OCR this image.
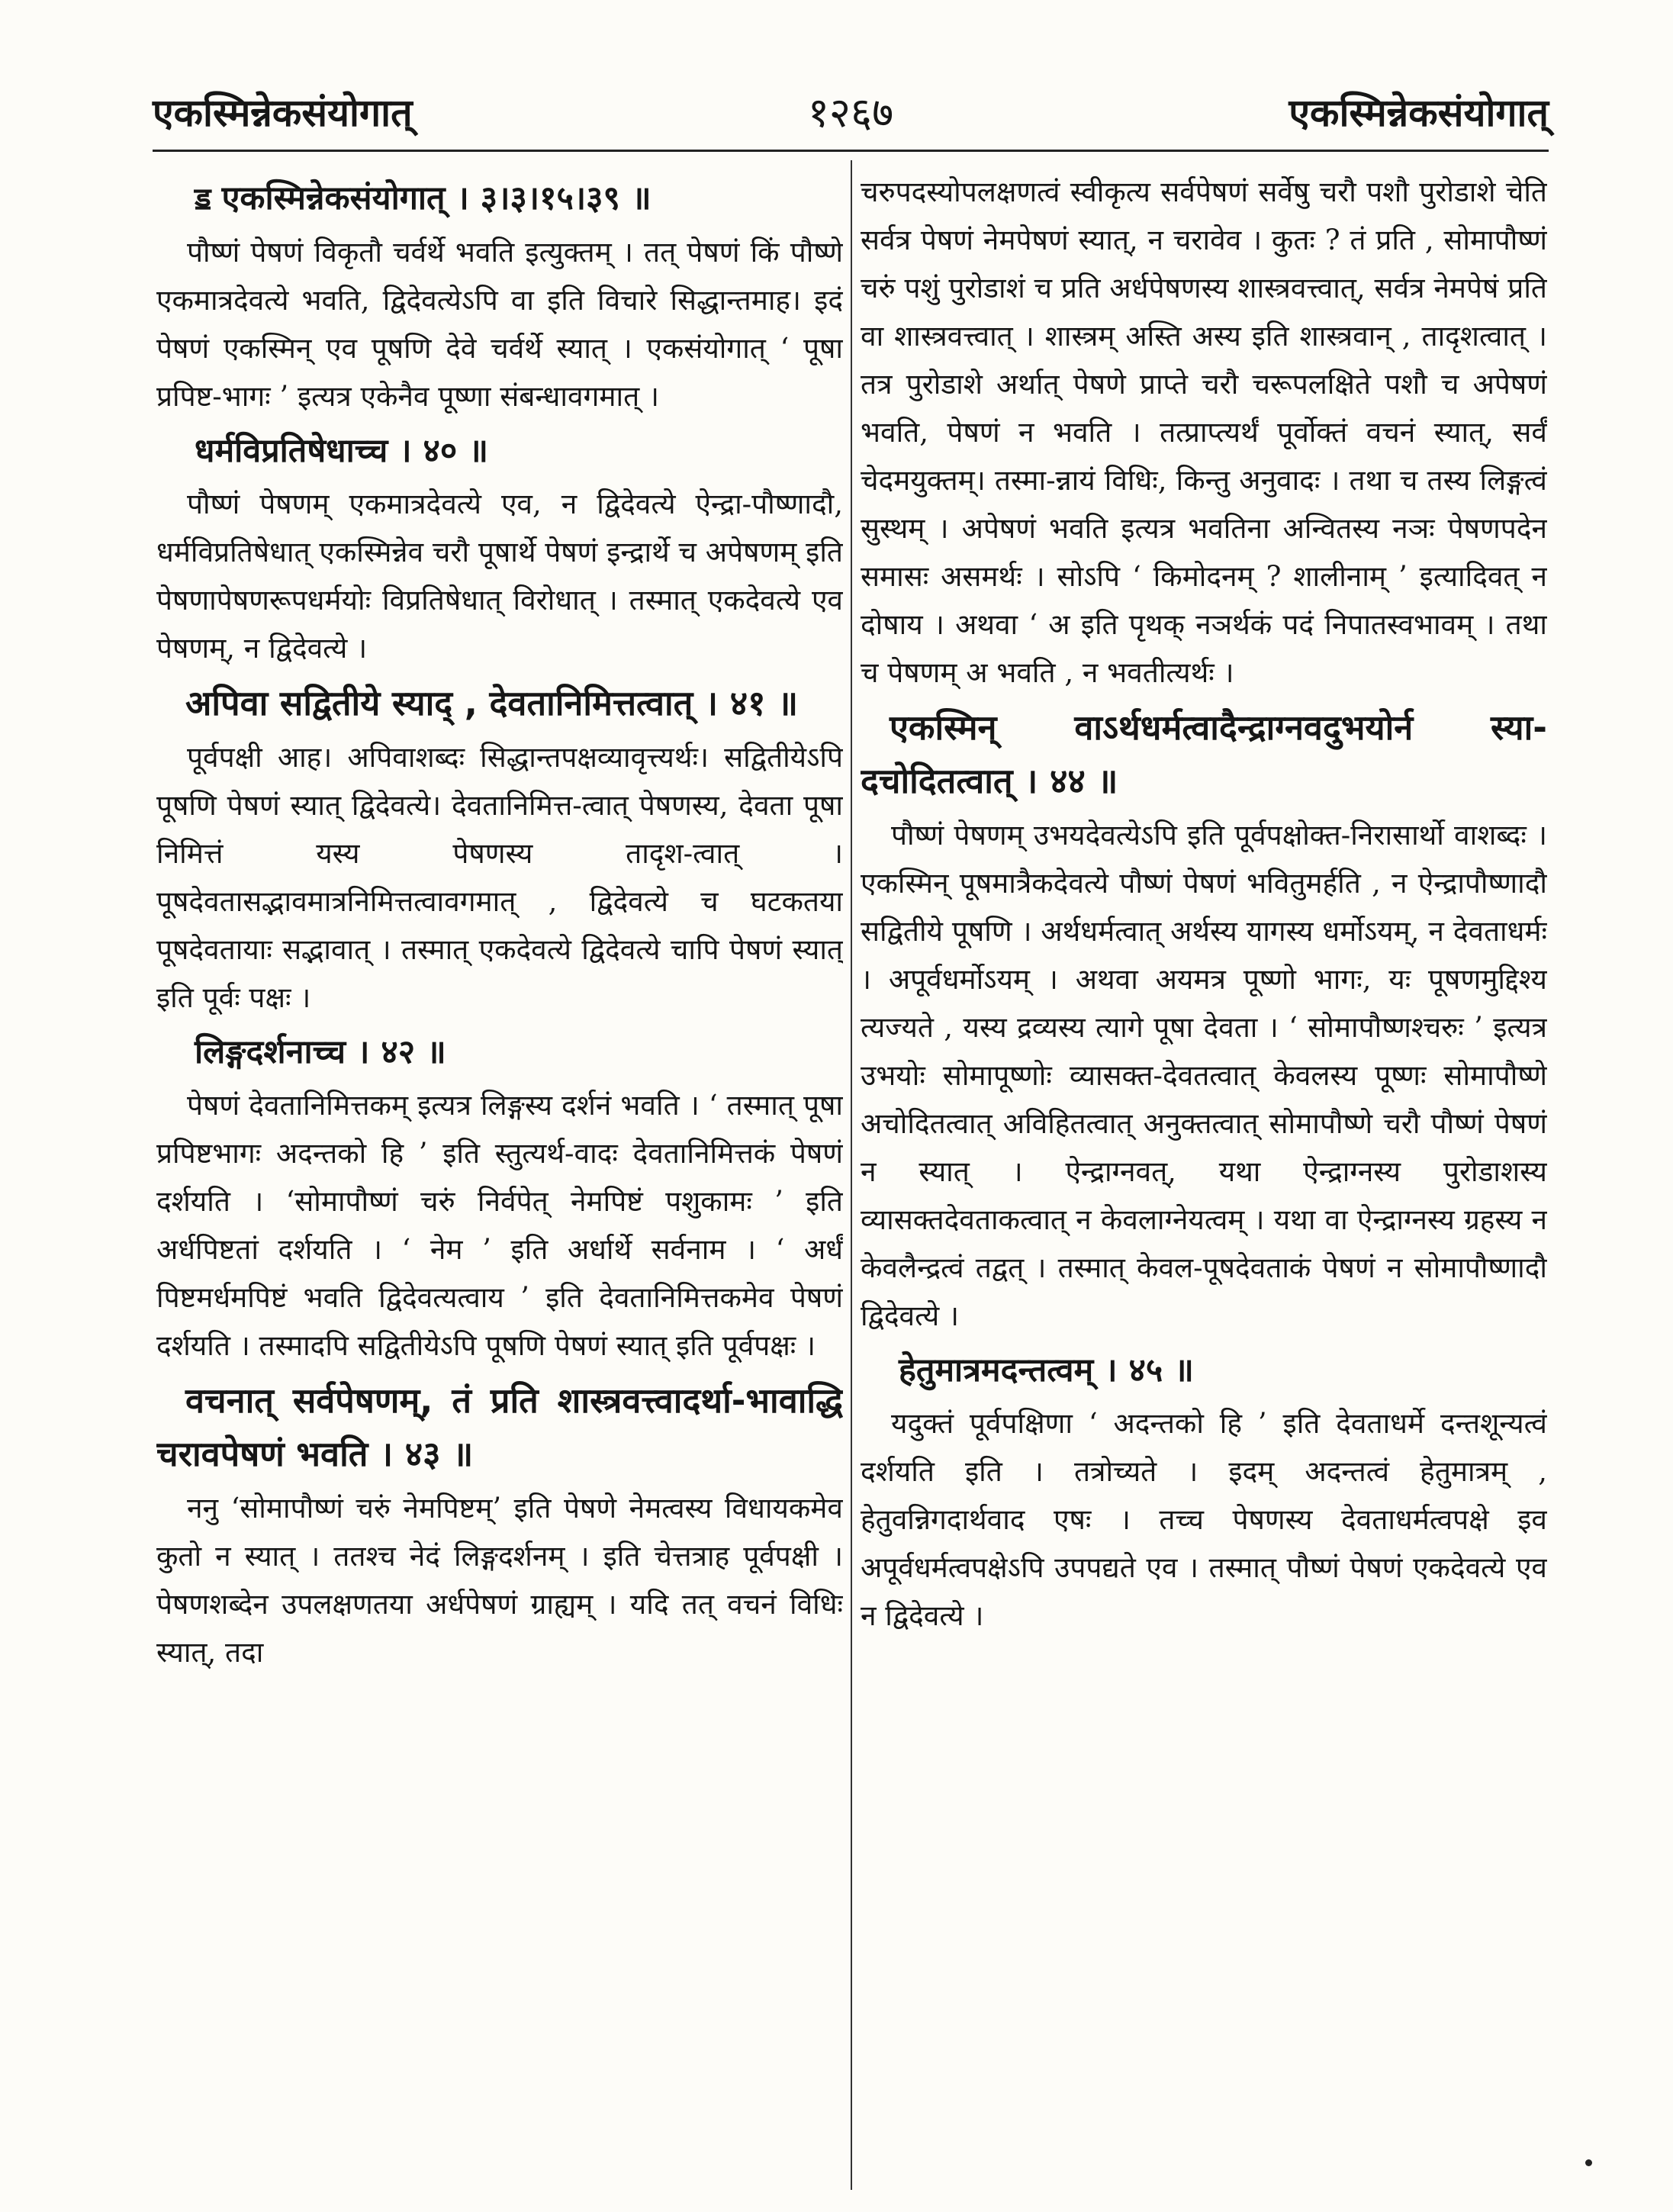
एकस्मिन्नेकसंयोगात्	१२६७	एकस्मिन्नेकसंयोगात्

ॾ एकस्मिन्नेकसंयोगात् । ३।३।१५।३९ ॥

पौष्णं पेषणं विकृतौ चर्वर्थे भवति इत्युक्तम् । तत् पेषणं किं पौष्णे एकमात्रदेवत्ये भवति, द्विदेवत्येऽपि वा इति विचारे सिद्धान्तमाह। इदं पेषणं एकस्मिन् एव पूषणि देवे चर्वर्थे स्यात् । एकसंयोगात् ‘ पूषा प्रपिष्ट-भागः ’ इत्यत्र एकेनैव पूष्णा संबन्धावगमात् ।

धर्मविप्रतिषेधाच्च । ४० ॥

पौष्णं पेषणम् एकमात्रदेवत्ये एव, न द्विदेवत्ये ऐन्द्रा-पौष्णादौ, धर्मविप्रतिषेधात् एकस्मिन्नेव चरौ पूषार्थे पेषणं इन्द्रार्थे च अपेषणम् इति पेषणापेषणरूपधर्मयोः विप्रतिषेधात् विरोधात् । तस्मात् एकदेवत्ये एव पेषणम्, न द्विदेवत्ये ।

अपिवा सद्वितीये स्याद् , देवतानिमित्तत्वात् । ४१ ॥

पूर्वपक्षी आह। अपिवाशब्दः सिद्धान्तपक्षव्यावृत्त्यर्थः। सद्वितीयेऽपि पूषणि पेषणं स्यात् द्विदेवत्ये। देवतानिमित्त-त्वात् पेषणस्य, देवता पूषा निमित्तं यस्य पेषणस्य तादृश-त्वात् । पूषदेवतासद्भावमात्रनिमित्तत्वावगमात् , द्विदेवत्ये च घटकतया पूषदेवतायाः सद्भावात् । तस्मात् एकदेवत्ये द्विदेवत्ये चापि पेषणं स्यात् इति पूर्वः पक्षः ।

लिङ्गदर्शनाच्च । ४२ ॥

पेषणं देवतानिमित्तकम् इत्यत्र लिङ्गस्य दर्शनं भवति । ‘ तस्मात् पूषा प्रपिष्टभागः अदन्तको हि ’ इति स्तुत्यर्थ-वादः देवतानिमित्तकं पेषणं दर्शयति । ‘सोमापौष्णं चरुं निर्वपेत् नेमपिष्टं पशुकामः ’ इति अर्धपिष्टतां दर्शयति । ‘ नेम ’ इति अर्धार्थे सर्वनाम । ‘ अर्धं पिष्टमर्धमपिष्टं भवति द्विदेवत्यत्वाय ’ इति देवतानिमित्तकमेव पेषणं दर्शयति । तस्मादपि सद्वितीयेऽपि पूषणि पेषणं स्यात् इति पूर्वपक्षः ।

वचनात् सर्वपेषणम्, तं प्रति शास्त्रवत्त्वादर्था-भावाद्धि चरावपेषणं भवति । ४३ ॥

ननु ‘सोमापौष्णं चरुं नेमपिष्टम्’ इति पेषणे नेमत्वस्य विधायकमेव कुतो न स्यात् । ततश्च नेदं लिङ्गदर्शनम् । इति चेत्तत्राह पूर्वपक्षी । पेषणशब्देन उपलक्षणतया अर्धपेषणं ग्राह्यम् । यदि तत् वचनं विधिः स्यात्, तदा

चरुपदस्योपलक्षणत्वं स्वीकृत्य सर्वपेषणं सर्वेषु चरौ पशौ पुरोडाशे चेति सर्वत्र पेषणं नेमपेषणं स्यात्, न चरावेव । कुतः ? तं प्रति , सोमापौष्णं चरुं पशुं पुरोडाशं च प्रति अर्धपेषणस्य शास्त्रवत्त्वात्, सर्वत्र नेमपेषं प्रति वा शास्त्रवत्त्वात् । शास्त्रम् अस्ति अस्य इति शास्त्रवान् , तादृशत्वात् । तत्र पुरोडाशे अर्थात् पेषणे प्राप्ते चरौ चरूपलक्षिते पशौ च अपेषणं भवति, पेषणं न भवति । तत्प्राप्त्यर्थं पूर्वोक्तं वचनं स्यात्, सर्वं चेदमयुक्तम्। तस्मा-न्नायं विधिः, किन्तु अनुवादः । तथा च तस्य लिङ्गत्वं सुस्थम् । अपेषणं भवति इत्यत्र भवतिना अन्वितस्य नञः पेषणपदेन समासः असमर्थः । सोऽपि ‘ किमोदनम् ? शालीनाम् ’ इत्यादिवत् न दोषाय । अथवा ‘ अ इति पृथक् नञर्थकं पदं निपातस्वभावम् । तथा च पेषणम् अ भवति , न भवतीत्यर्थः ।

एकस्मिन् वाऽर्थधर्मत्वादैन्द्राग्नवदुभयोर्न स्या-दचोदितत्वात् । ४४ ॥

पौष्णं पेषणम् उभयदेवत्येऽपि इति पूर्वपक्षोक्त-निरासार्थो वाशब्दः । एकस्मिन् पूषमात्रैकदेवत्ये पौष्णं पेषणं भवितुमर्हति , न ऐन्द्रापौष्णादौ सद्वितीये पूषणि । अर्थधर्मत्वात् अर्थस्य यागस्य धर्मोऽयम्, न देवताधर्मः । अपूर्वधर्मोऽयम् । अथवा अयमत्र पूष्णो भागः, यः पूषणमुद्दिश्य त्यज्यते , यस्य द्रव्यस्य त्यागे पूषा देवता । ‘ सोमापौष्णश्चरुः ’ इत्यत्र उभयोः सोमापूष्णोः व्यासक्त-देवतत्वात् केवलस्य पूष्णः सोमापौष्णे अचोदितत्वात् अविहितत्वात् अनुक्तत्वात् सोमापौष्णे चरौ पौष्णं पेषणं न स्यात् । ऐन्द्राग्नवत्, यथा ऐन्द्राग्नस्य पुरोडाशस्य व्यासक्तदेवताकत्वात् न केवलाग्नेयत्वम् । यथा वा ऐन्द्राग्नस्य ग्रहस्य न केवलैन्द्रत्वं तद्वत् । तस्मात् केवल-पूषदेवताकं पेषणं न सोमापौष्णादौ द्विदेवत्ये ।

हेतुमात्रमदन्तत्वम् । ४५ ॥

यदुक्तं पूर्वपक्षिणा ‘ अदन्तको हि ’ इति देवताधर्मे दन्तशून्यत्वं दर्शयति इति । तत्रोच्यते । इदम् अदन्तत्वं हेतुमात्रम् , हेतुवन्निगदार्थवाद एषः । तच्च पेषणस्य देवताधर्मत्वपक्षे इव अपूर्वधर्मत्वपक्षेऽपि उपपद्यते एव । तस्मात् पौष्णं पेषणं एकदेवत्ये एव न द्विदेवत्ये ।
